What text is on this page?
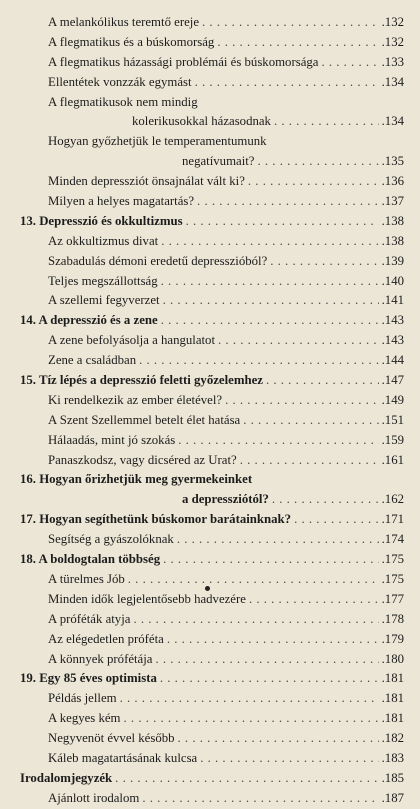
A melankólikus teremtő ereje . . .	.132
A flegmatikus és a búskomorság . . .	.132
A flegmatikus házassági problémái és búskomorsága . . .	.133
Ellentétek vonzzák egymást . . .	.134
A flegmatikusok nem mindig
kolerikusokkal házasodnak . . .	.134
Hogyan győzhetjük le temperamentumunk
negatívumait? . . .	.135
Minden depressziót önsajnálat vált ki? . . .	.136
Milyen a helyes magatartás? . . .	.137
13. Depresszió és okkultizmus . . .	.138
Az okkultizmus divat . . .	.138
Szabadulás démoni eredetű depresszióból? . . .	.139
Teljes megszállottság . . .	.140
A szellemi fegyverzet . . .	.141
14. A depresszió és a zene . . .	.143
A zene befolyásolja a hangulatot . . .	.143
Zene a családban . . .	.144
15. Tíz lépés a depresszió feletti győzelemhez . . .	.147
Ki rendelkezik az ember életével? . . .	.149
A Szent Szellemmel betelt élet hatása . . .	.151
Hálaadás, mint jó szokás . . .	.159
Panaszkodsz, vagy dicséred az Urat? . . .	.161
16. Hogyan őrizhetjük meg gyermekeinket
a depressziótól? . . .	.162
17. Hogyan segíthetünk búskomor barátainknak? . . .	.171
Segítség a gyászolóknak . . .	.174
18. A boldogtalan többség . . .	.175
A türelmes Jób . . .	.175
Minden idők legjelentősebb hadvezére . . .	.177
A próféták atyja . . .	.178
Az elégedetlen próféta . . .	.179
A könnyek prófétája . . .	.180
19. Egy 85 éves optimista . . .	.181
Példás jellem . . .	.181
A kegyes kém . . .	.181
Negyvenöt évvel később . . .	.182
Káleb magatartásának kulcsa . . .	.183
Irodalomjegyzék . . .	.185
Ajánlott irodalom . . .	.187
